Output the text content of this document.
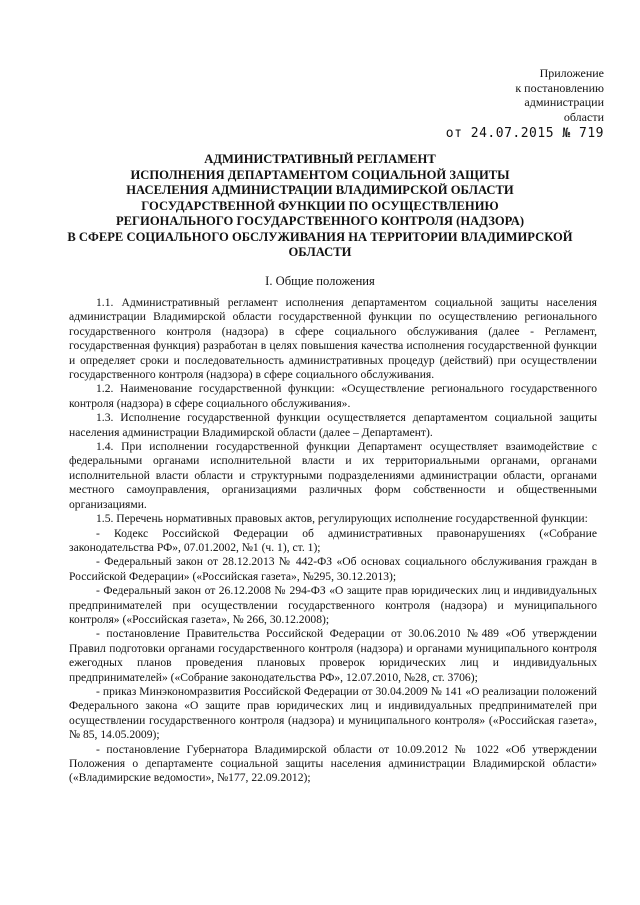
Приложение
к постановлению
администрации
области
от 24.07.2015 № 719
АДМИНИСТРАТИВНЫЙ РЕГЛАМЕНТ
ИСПОЛНЕНИЯ ДЕПАРТАМЕНТОМ СОЦИАЛЬНОЙ ЗАЩИТЫ
НАСЕЛЕНИЯ АДМИНИСТРАЦИИ ВЛАДИМИРСКОЙ ОБЛАСТИ
ГОСУДАРСТВЕННОЙ ФУНКЦИИ ПО ОСУЩЕСТВЛЕНИЮ
РЕГИОНАЛЬНОГО ГОСУДАРСТВЕННОГО КОНТРОЛЯ (НАДЗОРА)
В СФЕРЕ СОЦИАЛЬНОГО ОБСЛУЖИВАНИЯ НА ТЕРРИТОРИИ ВЛАДИМИРСКОЙ
ОБЛАСТИ
I. Общие положения

1.1. Административный регламент исполнения департаментом социальной защиты населения администрации Владимирской области государственной функции по осуществлению регионального государственного контроля (надзора) в сфере социального обслуживания (далее - Регламент, государственная функция) разработан в целях повышения качества исполнения государственной функции и определяет сроки и последовательность административных процедур (действий) при осуществлении государственного контроля (надзора) в сфере социального обслуживания.

1.2. Наименование государственной функции: «Осуществление регионального государственного контроля (надзора) в сфере социального обслуживания».

1.3. Исполнение государственной функции осуществляется департаментом социальной защиты населения администрации Владимирской области (далее – Департамент).

1.4. При исполнении государственной функции Департамент осуществляет взаимодействие с федеральными органами исполнительной власти и их территориальными органами, органами исполнительной власти области и структурными подразделениями администрации области, органами местного самоуправления, организациями различных форм собственности и общественными организациями.

1.5. Перечень нормативных правовых актов, регулирующих исполнение государственной функции:

- Кодекс Российской Федерации об административных правонарушениях («Собрание законодательства РФ», 07.01.2002, №1 (ч. 1), ст. 1);

- Федеральный закон от 28.12.2013 № 442-ФЗ «Об основах социального обслуживания граждан в Российской Федерации» («Российская газета», №295, 30.12.2013);

- Федеральный закон от 26.12.2008 № 294-ФЗ «О защите прав юридических лиц и индивидуальных предпринимателей при осуществлении государственного контроля (надзора) и муниципального контроля» («Российская газета», № 266, 30.12.2008);

- постановление Правительства Российской Федерации от 30.06.2010 №489 «Об утверждении Правил подготовки органами государственного контроля (надзора) и органами муниципального контроля ежегодных планов проведения плановых проверок юридических лиц и индивидуальных предпринимателей» («Собрание законодательства РФ», 12.07.2010, №28, ст. 3706);

- приказ Минэкономразвития Российской Федерации от 30.04.2009 № 141 «О реализации положений Федерального закона «О защите прав юридических лиц и индивидуальных предпринимателей при осуществлении государственного контроля (надзора) и муниципального контроля» («Российская газета», № 85, 14.05.2009);

- постановление Губернатора Владимирской области от 10.09.2012 № 1022 «Об утверждении Положения о департаменте социальной защиты населения администрации Владимирской области» («Владимирские ведомости», №177, 22.09.2012);
